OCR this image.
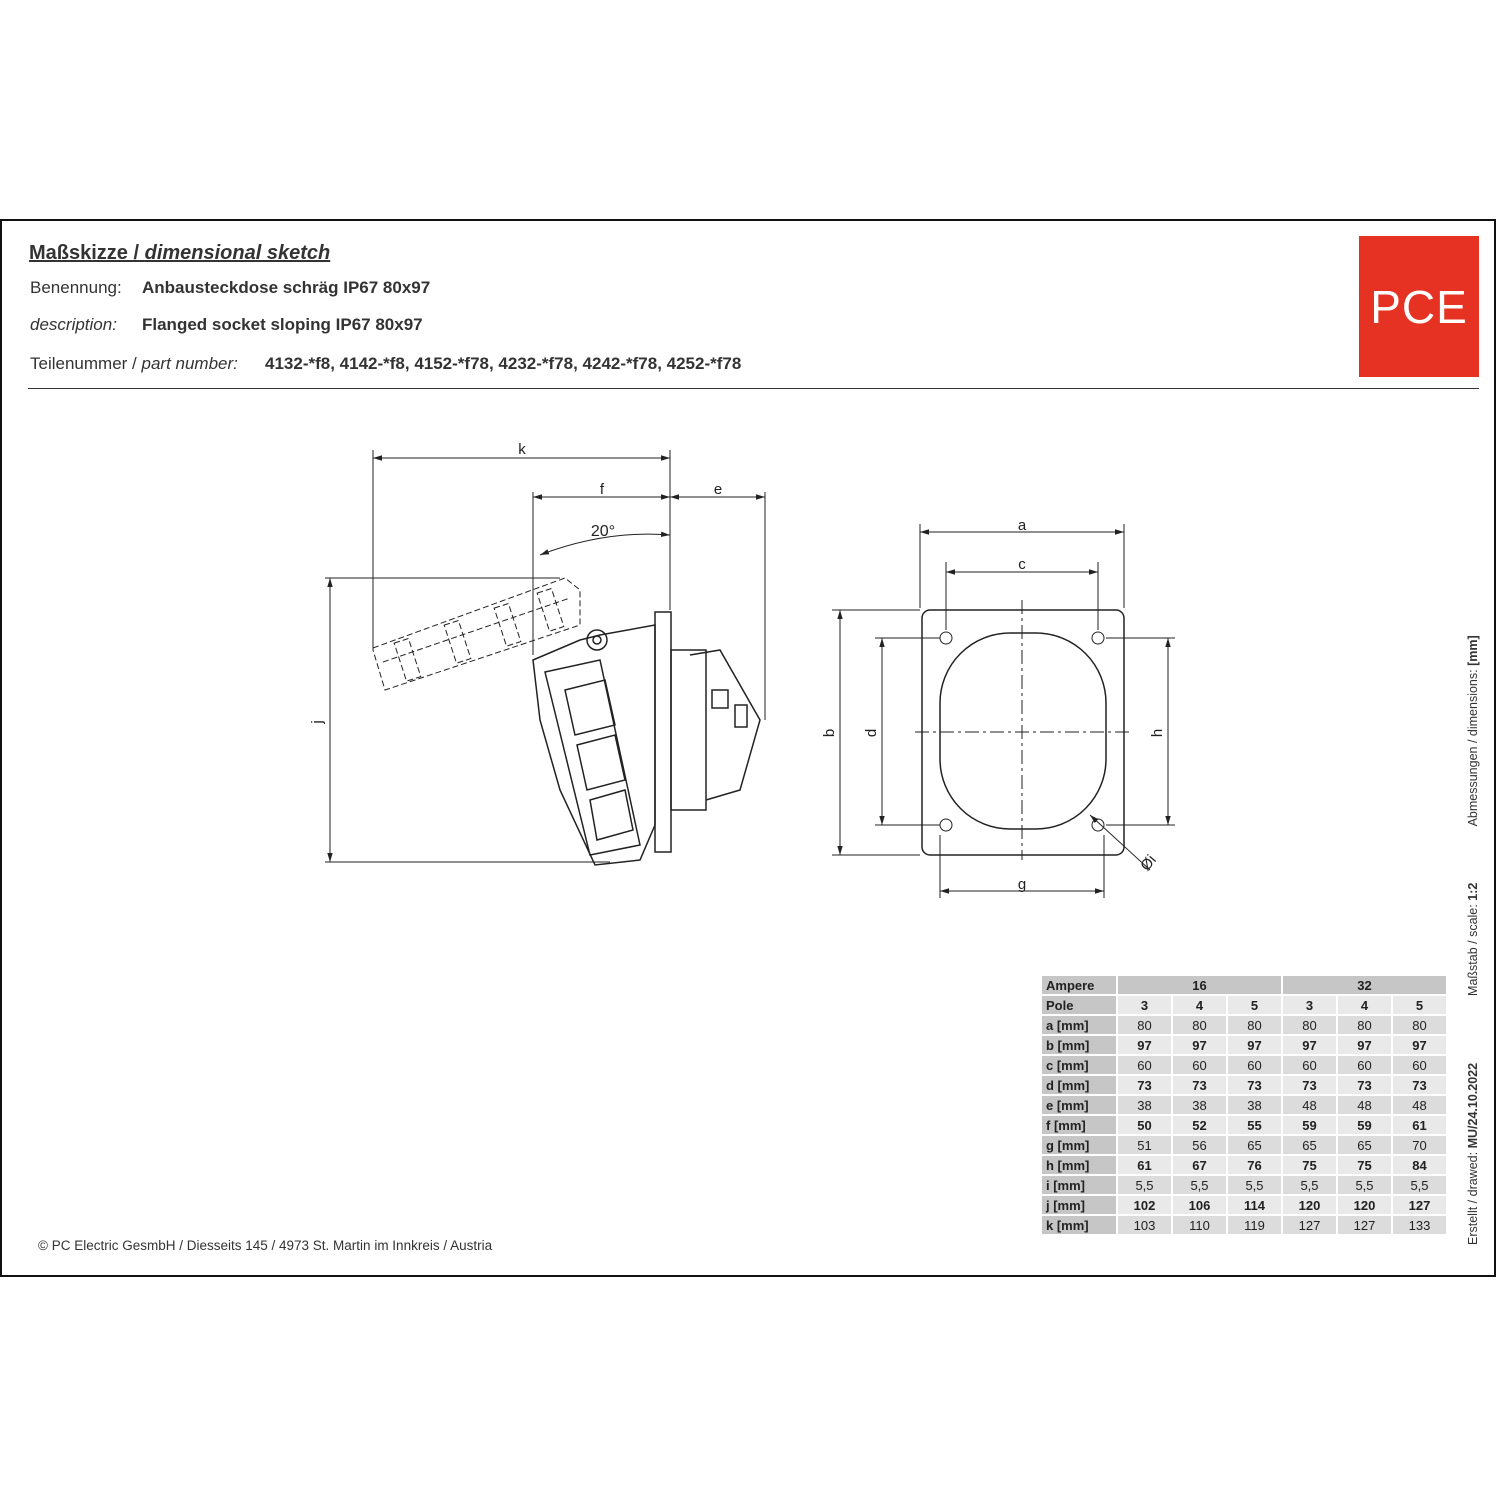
Maßskizze / dimensional sketch
Benennung: Anbausteckdose schräg IP67 80x97
description: Flanged socket sloping IP67 80x97
Teilenummer / part number: 4132-*f8, 4142-*f8, 4152-*f78, 4232-*f78, 4242-*f78, 4252-*f78
PCE
k
f	e
20°
j
a
c
b d	h
g
Øi
Ampere	16			32		
Pole	3	4	5	3	4	5
a [mm]	80	80	80	80	80	80
b [mm]	97	97	97	97	97	97
c [mm]	60	60	60	60	60	60
d [mm]	73	73	73	73	73	73
e [mm]	38	38	38	48	48	48
f [mm]	50	52	55	59	59	61
g [mm]	51	56	65	65	65	70
h [mm]	61	67	76	75	75	84
i [mm]	5,5	5,5	5,5	5,5	5,5	5,5
j [mm]	102	106	114	120	120	127
k [mm]	103	110	119	127	127	133	Erstellt / drawed: MU/24.10.2022  Maßstab / scale: 1:2  Abmessungen / dimensions: [mm]
© PC Electric GesmbH / Diesseits 145 / 4973 St. Martin im Innkreis / Austria
